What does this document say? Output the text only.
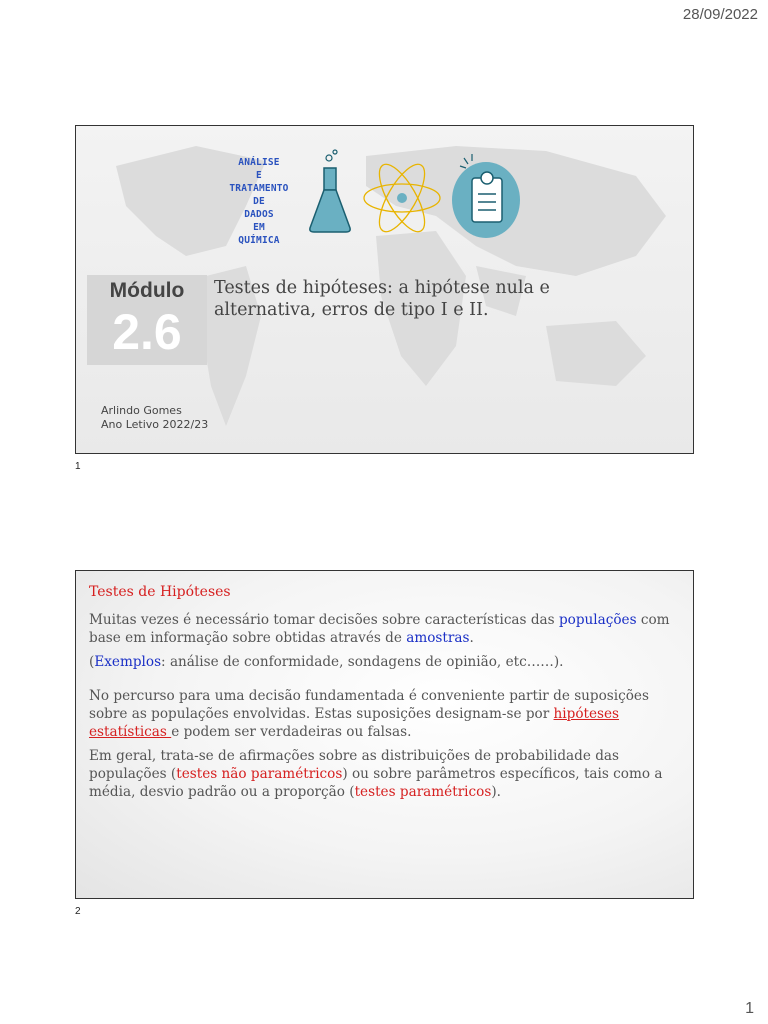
28/09/2022
ANÁLISE
E
TRATAMENTO
DE
DADOS
EM
QUÍMICA
Módulo
2.6
Testes de hipóteses: a hipótese nula e alternativa, erros de tipo I e II.
Arlindo Gomes
Ano Letivo 2022/23
1
Testes de Hipóteses

Muitas vezes é necessário tomar decisões sobre características das populações com base em informação sobre obtidas através de amostras.

(Exemplos: análise de conformidade, sondagens de opinião, etc……).

No percurso para uma decisão fundamentada é conveniente partir de suposições sobre as populações envolvidas. Estas suposições designam-se por hipóteses estatísticas e podem ser verdadeiras ou falsas.

Em geral, trata-se de afirmações sobre as distribuições de probabilidade das populações (testes não paramétricos) ou sobre parâmetros específicos, tais como a média, desvio padrão ou a proporção (testes paramétricos).

2
1
